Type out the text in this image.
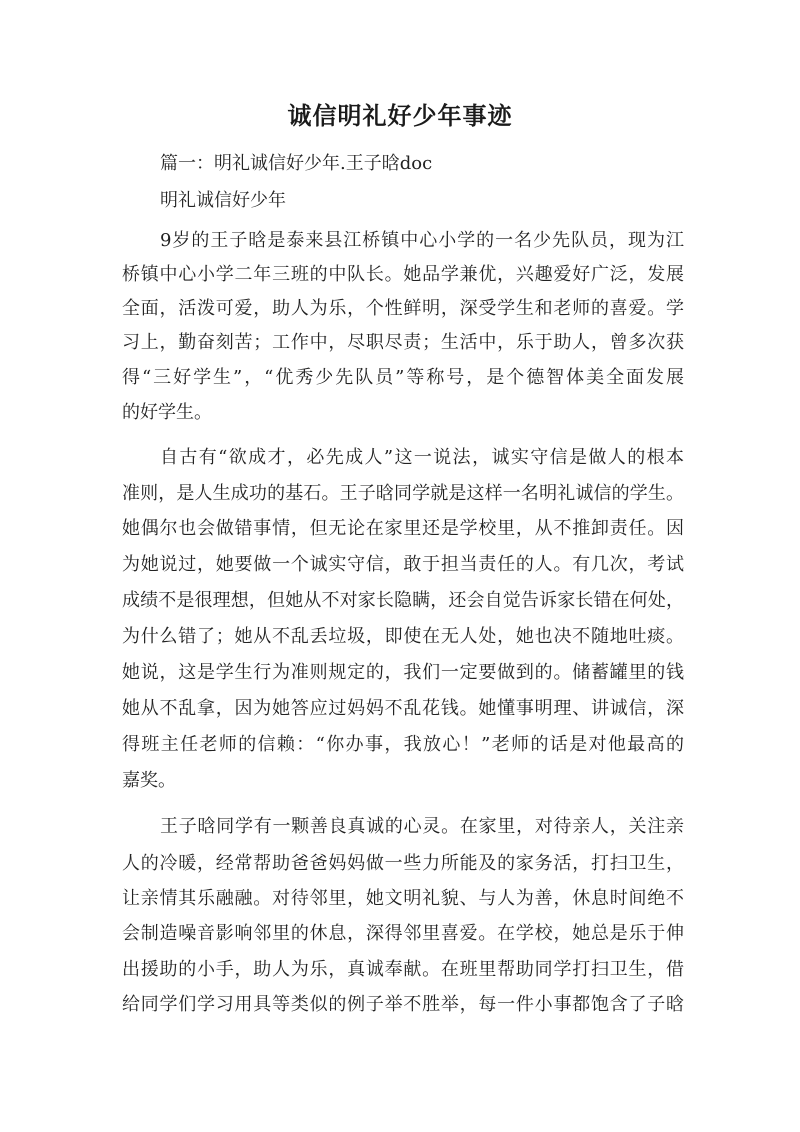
诚信明礼好少年事迹

篇一：明礼诚信好少年.王子晗doc

明礼诚信好少年

9岁的王子晗是泰来县江桥镇中心小学的一名少先队员，现为江

桥镇中心小学二年三班的中队长。她品学兼优，兴趣爱好广泛，发展

全面，活泼可爱，助人为乐，个性鲜明，深受学生和老师的喜爱。学

习上，勤奋刻苦；工作中，尽职尽责；生活中，乐于助人，曾多次获

得“三好学生”，“优秀少先队员”等称号，是个德智体美全面发展

的好学生。

自古有“欲成才，必先成人”这一说法，诚实守信是做人的根本

准则，是人生成功的基石。王子晗同学就是这样一名明礼诚信的学生。

她偶尔也会做错事情，但无论在家里还是学校里，从不推卸责任。因

为她说过，她要做一个诚实守信，敢于担当责任的人。有几次，考试

成绩不是很理想，但她从不对家长隐瞒，还会自觉告诉家长错在何处，

为什么错了；她从不乱丢垃圾，即使在无人处，她也决不随地吐痰。

她说，这是学生行为准则规定的，我们一定要做到的。储蓄罐里的钱

她从不乱拿，因为她答应过妈妈不乱花钱。她懂事明理、讲诚信，深

得班主任老师的信赖：“你办事，我放心！”老师的话是对他最高的

嘉奖。

王子晗同学有一颗善良真诚的心灵。在家里，对待亲人，关注亲

人的冷暖，经常帮助爸爸妈妈做一些力所能及的家务活，打扫卫生，

让亲情其乐融融。对待邻里，她文明礼貌、与人为善，休息时间绝不

会制造噪音影响邻里的休息，深得邻里喜爱。在学校，她总是乐于伸

出援助的小手，助人为乐，真诚奉献。在班里帮助同学打扫卫生，借

给同学们学习用具等类似的例子举不胜举，每一件小事都饱含了子晗
